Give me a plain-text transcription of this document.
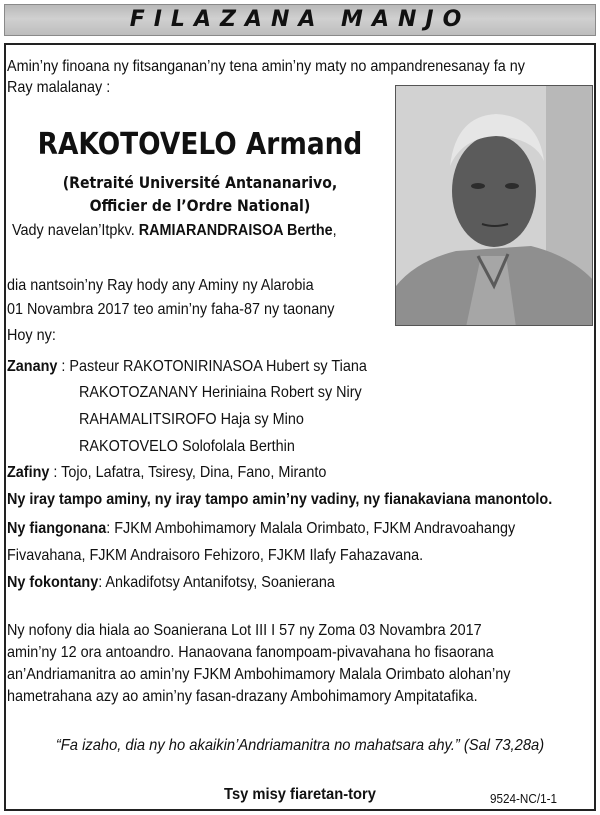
FILAZANA MANJO
Amin’ny finoana ny fitsanganan’ny tena amin’ny maty no ampandrenesanay fa ny
Ray malalanay :
RAKOTOVELO Armand
(Retraité Université Antananarivo,
Officier de l’Ordre National)
Vady navelan’Itpkv. RAMIARANDRAISOA Berthe,
dia nantsoin’ny Ray hody any Aminy ny Alarobia
01 Novambra 2017 teo amin’ny faha-87 ny taonany
Hoy ny:
Zanany : Pasteur RAKOTONIRINASOA Hubert sy Tiana
RAKOTOZANANY Heriniaina Robert sy Niry
RAHAMALITSIROFO Haja sy Mino
RAKOTOVELO Solofolala Berthin
Zafiny : Tojo, Lafatra, Tsiresy, Dina, Fano, Miranto
Ny iray tampo aminy, ny iray tampo amin’ny vadiny, ny fianakaviana manontolo.
Ny fiangonana: FJKM Ambohimamory Malala Orimbato, FJKM Andravoahangy
Fivavahana, FJKM Andraisoro Fehizoro, FJKM Ilafy Fahazavana.
Ny fokontany: Ankadifotsy Antanifotsy, Soanierana
Ny nofony dia hiala ao Soanierana Lot III I 57 ny Zoma 03 Novambra 2017
amin’ny 12 ora antoandro. Hanaovana fanompoam-pivavahana ho fisaorana
an’Andriamanitra ao amin’ny FJKM Ambohimamory Malala Orimbato alohan’ny
hametrahana azy ao amin’ny fasan-drazany Ambohimamory Ampitatafika.
“Fa izaho, dia ny ho akaikin’Andriamanitra no mahatsara ahy.” (Sal 73,28a)
Tsy misy fiaretan-tory	9524-NC/1-1
